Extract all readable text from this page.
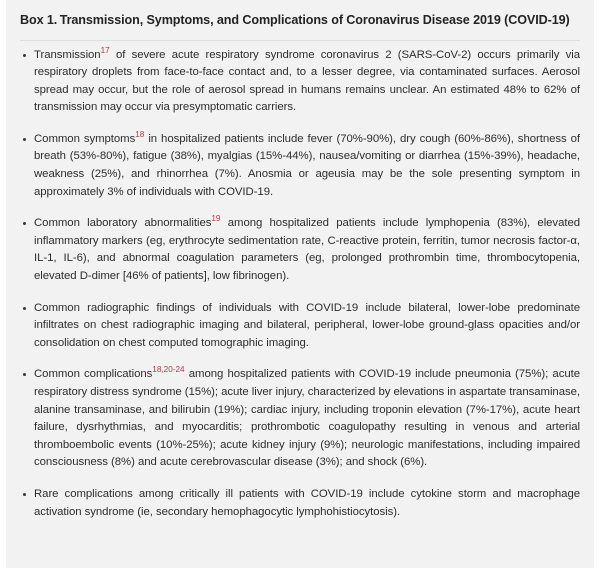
Box 1. Transmission, Symptoms, and Complications of Coronavirus Disease 2019 (COVID-19)
Transmission$^{17}$ of severe acute respiratory syndrome coronavirus 2 (SARS-CoV-2) occurs primarily via respiratory droplets from face-to-face contact and, to a lesser degree, via contaminated surfaces. Aerosol spread may occur, but the role of aerosol spread in humans remains unclear. An estimated 48% to 62% of transmission may occur via presymptomatic carriers.
Common symptoms$^{18}$ in hospitalized patients include fever (70%-90%), dry cough (60%-86%), shortness of breath (53%-80%), fatigue (38%), myalgias (15%-44%), nausea/vomiting or diarrhea (15%-39%), headache, weakness (25%), and rhinorrhea (7%). Anosmia or ageusia may be the sole presenting symptom in approximately 3% of individuals with COVID-19.
Common laboratory abnormalities$^{19}$ among hospitalized patients include lymphopenia (83%), elevated inflammatory markers (eg, erythrocyte sedimentation rate, C-reactive protein, ferritin, tumor necrosis factor-α, IL-1, IL-6), and abnormal coagulation parameters (eg, prolonged prothrombin time, thrombocytopenia, elevated D-dimer [46% of patients], low fibrinogen).
Common radiographic findings of individuals with COVID-19 include bilateral, lower-lobe predominate infiltrates on chest radiographic imaging and bilateral, peripheral, lower-lobe ground-glass opacities and/or consolidation on chest computed tomographic imaging.
Common complications$^{18,20-24}$ among hospitalized patients with COVID-19 include pneumonia (75%); acute respiratory distress syndrome (15%); acute liver injury, characterized by elevations in aspartate transaminase, alanine transaminase, and bilirubin (19%); cardiac injury, including troponin elevation (7%-17%), acute heart failure, dysrhythmias, and myocarditis; prothrombotic coagulopathy resulting in venous and arterial thromboembolic events (10%-25%); acute kidney injury (9%); neurologic manifestations, including impaired consciousness (8%) and acute cerebrovascular disease (3%); and shock (6%).
Rare complications among critically ill patients with COVID-19 include cytokine storm and macrophage activation syndrome (ie, secondary hemophagocytic lymphohistiocytosis).
